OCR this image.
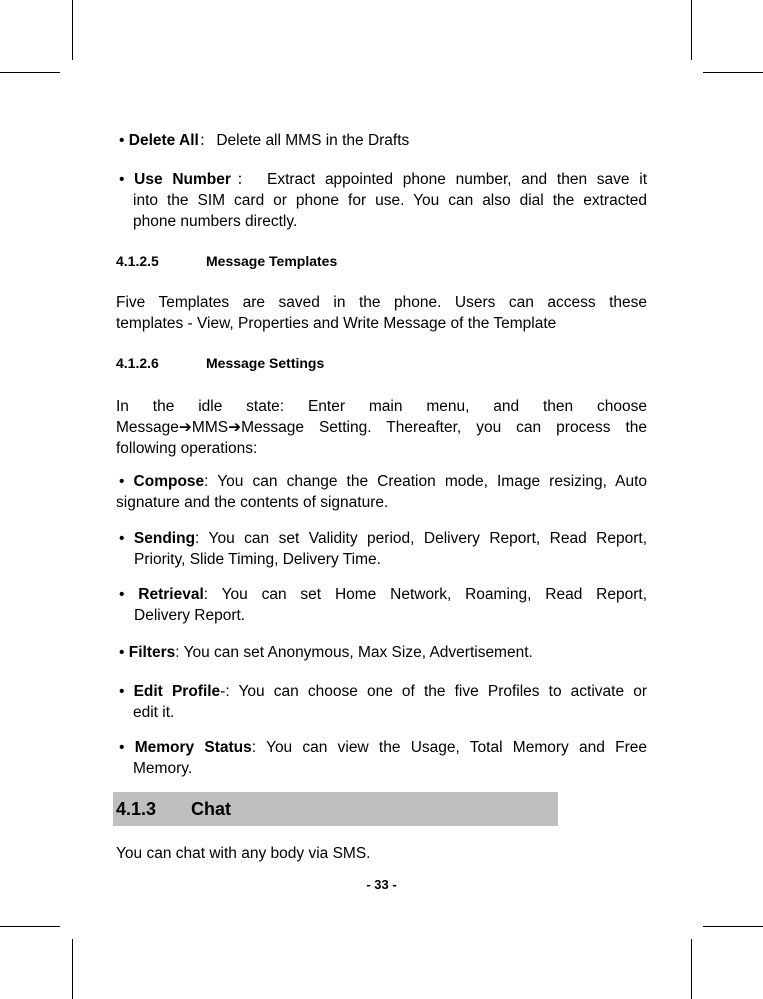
• Delete All： Delete all MMS in the Drafts
• Use Number： Extract appointed phone number, and then save it
into the SIM card or phone for use. You can also dial the extracted
phone numbers directly.
4.1.2.5	Message Templates
Five Templates are saved in the phone. Users can access these
templates - View, Properties and Write Message of the Template
4.1.2.6	Message Settings
In the idle state: Enter main menu, and then choose
Message➔MMS➔Message Setting. Thereafter, you can process the
following operations:
• Compose: You can change the Creation mode, Image resizing, Auto
signature and the contents of signature.
• Sending: You can set Validity period, Delivery Report, Read Report,
Priority, Slide Timing, Delivery Time.
• Retrieval: You can set Home Network, Roaming, Read Report,
Delivery Report.
• Filters: You can set Anonymous, Max Size, Advertisement.
• Edit Profile-: You can choose one of the five Profiles to activate or
edit it.
• Memory Status: You can view the Usage, Total Memory and Free
Memory.
4.1.3 Chat
You can chat with any body via SMS.
- 33 -
